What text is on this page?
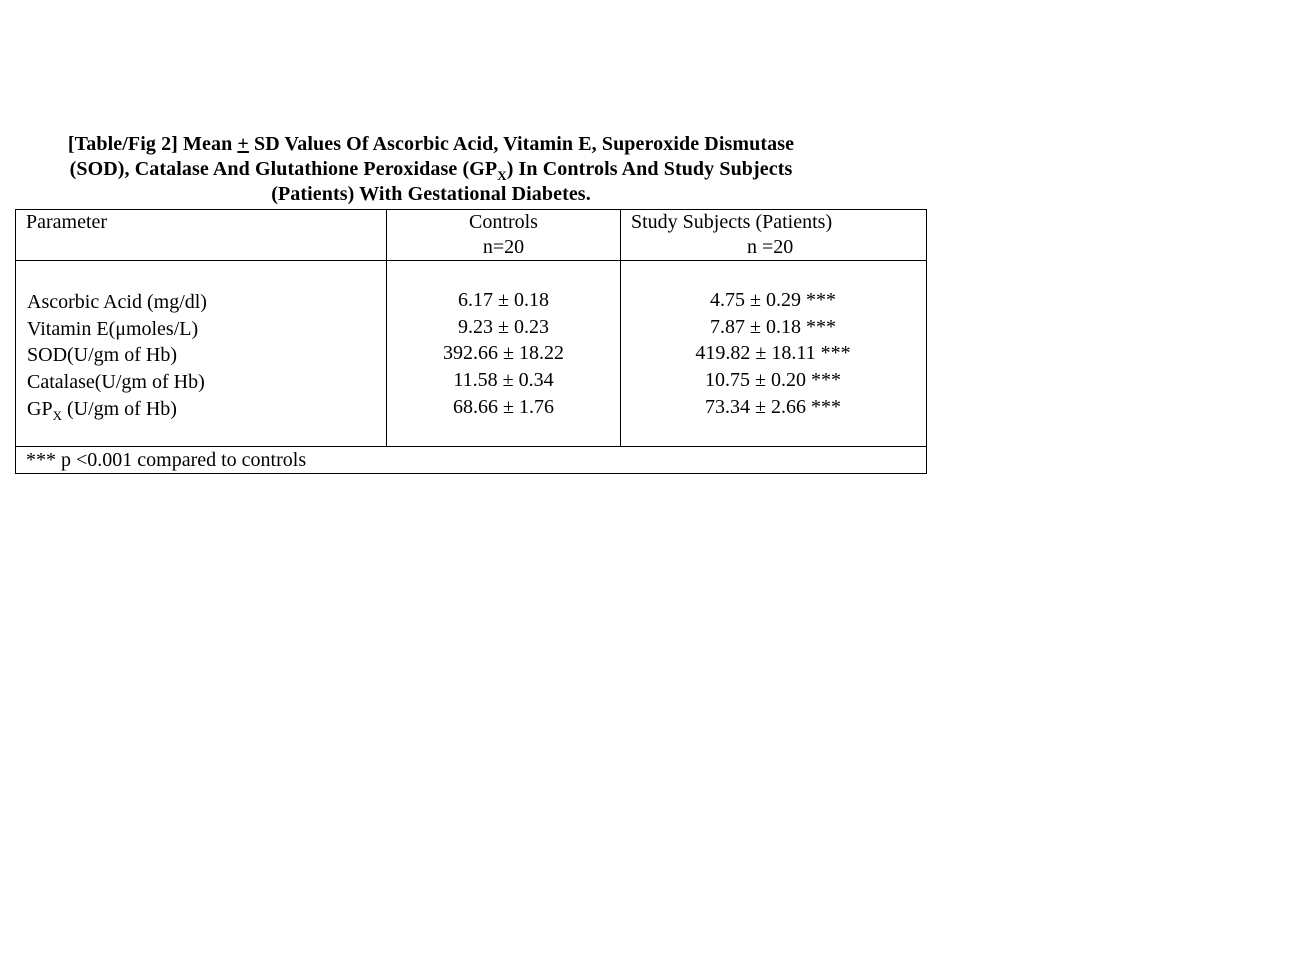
[Table/Fig 2] Mean + SD Values Of Ascorbic Acid, Vitamin E, Superoxide Dismutase
(SOD), Catalase And Glutathione Peroxidase $(GP_X)$ In Controls And Study Subjects
(Patients) With Gestational Diabetes.
Parameter	Controls
n=20
Study Subjects (Patients)
n =20
Ascorbic Acid (mg/dl)
Vitamin E(μmoles/L)
SOD(U/gm of Hb)
Catalase(U/gm of Hb)
$GP_X$ (U/gm of Hb)
6.17 ± 0.18
9.23 ± 0.23
392.66 ± 18.22
11.58 ± 0.34
68.66 ± 1.76
4.75 ± 0.29 ***
7.87 ± 0.18 ***
419.82 ± 18.11 ***
10.75 ± 0.20 ***
73.34 ± 2.66 ***
*** p <0.001 compared to controls
